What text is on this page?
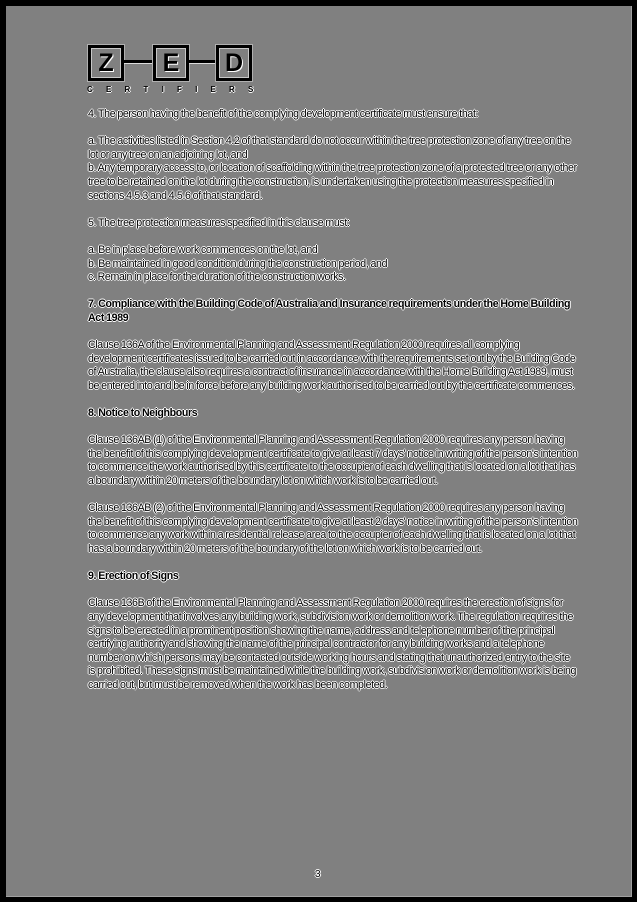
Z	E	D
CERTIFIERS

4. The person having the benefit of the complying development certificate must ensure that:

a. The activities listed in Section 4.2 of that standard do not occur within the tree protection zone of any tree on the lot or any tree on an adjoining lot, and

b. Any temporary access to, or location of scaffolding within the tree protection zone of a protected tree or any other tree to be retained on the lot during the construction, is undertaken using the protection measures specified in sections 4.5.3 and 4.5.6 of that standard.

5. The tree protection measures specified in this clause must:

a. Be in place before work commences on the lot, and

b. Be maintained in good condition during the construction period, and

c. Remain in place for the duration of the construction works.

7. Compliance with the Building Code of Australia and Insurance requirements under the Home Building Act 1989

Clause 136A of the Environmental Planning and Assessment Regulation 2000 requires all complying development certificates issued to be carried out in accordance with the requirements set out by the Building Code of Australia, the clause also requires a contract of insurance in accordance with the Home Building Act 1989, must be entered into and be in force before any building work authorised to be carried out by the certificate commences.

8. Notice to Neighbours

Clause 136AB (1) of the Environmental Planning and Assessment Regulation 2000 requires any person having the benefit of this complying development certificate to give at least 7 days' notice in writing of the person's intention to commence the work authorised by this certificate to the occupier of each dwelling that is located on a lot that has a boundary within 20 meters of the boundary lot on which work is to be carried out.

Clause 136AB (2) of the Environmental Planning and Assessment Regulation 2000 requires any person having the benefit of this complying development certificate to give at least 2 days' notice in writing of the person's intention to commence any work within a residential release area to the occupier of each dwelling that is located on a lot that has a boundary within 20 meters of the boundary of the lot on which work is to be carried out.

9. Erection of Signs

Clause 136B of the Environmental Planning and Assessment Regulation 2000 requires the erection of signs for any development that involves any building work, subdivision work or demolition work. The regulation requires the signs to be erected in a prominent position showing the name, address and telephone number of the principal certifying authority and showing the name of the principal contractor for any building works and a telephone number on which persons may be contacted outside working hours and stating that unauthorized entry to the site is prohibited. These signs must be maintained while the building work, subdivision work or demolition work is being carried out, but must be removed when the work has been completed.

3
